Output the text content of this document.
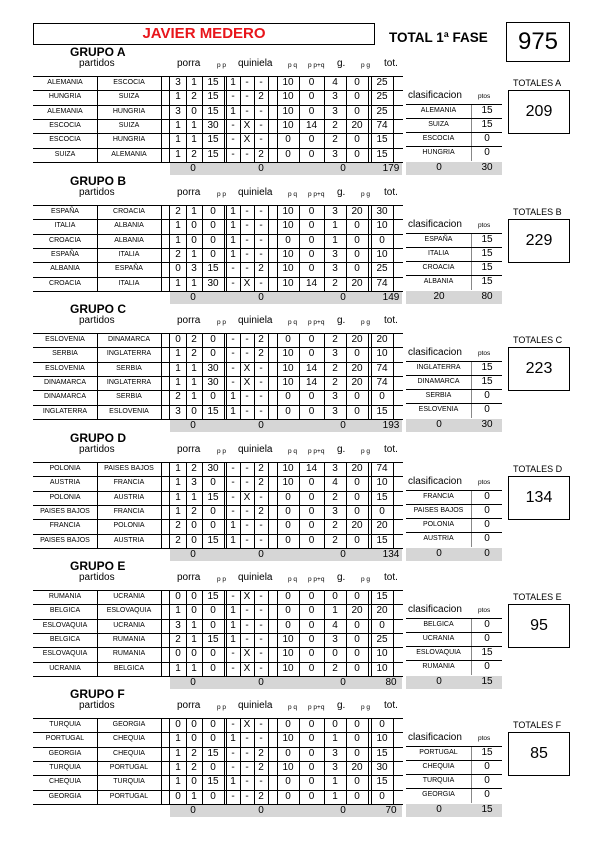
JAVIER MEDERO	TOTAL 1ª FASE	975
GRUPO A
partidos	porra	p p quiniela p q p p+q g. p g tot.
ALEMANIA	ESCOCIA	3	1	15	1 -	-	10	0	4	0	25
HUNGRIA	SUIZA	1	2	15	-	- 2	10	0	3	0	25
ALEMANIA	HUNGRIA	3	0	15	1 -	-	10	0	3	0	25
ESCOCIA	SUIZA	1	1	30	- X -	10	14	2	20	74
ESCOCIA	HUNGRIA	1	1	15	- X -	0	0	2	0	15
SUIZA	ALEMANIA	1	2	15	-	- 2	0	0	3	0	15
0	0	0	179
clasificacion ptos
ALEMANIA	15
SUIZA	15
ESCOCIA	0
HUNGRIA	0
0	30
TOTALES A
209
GRUPO B
partidos	porra	p p quiniela p q p p+q g. p g tot.
ESPAÑA	CROACIA	2	1	0	1 -	-	10	0	3	20	30
ITALIA	ALBANIA	1	0	0	1 -	-	10	0	1	0	10
CROACIA	ALBANIA	1	0	0	1 -	-	0	0	1	0	0
ESPAÑA	ITALIA	2	1	0	1 -	-	10	0	3	0	10
ALBANIA	ESPAÑA	0	3	15	-	- 2	10	0	3	0	25
CROACIA	ITALIA	1	1	30	- X -	10	14	2	20	74
0	0	0	149
clasificacion ptos
ESPAÑA	15
ITALIA	15
CROACIA	15
ALBANIA	15
20	80
TOTALES B
229
GRUPO C
partidos	porra	p p quiniela p q p p+q g. p g tot.
ESLOVENIA	DINAMARCA	0	2	0	-	- 2	0	0	2	20	20
SERBIA	INGLATERRA	1	2	0	-	- 2	10	0	3	0	10
ESLOVENIA	SERBIA	1	1	30	- X -	10	14	2	20	74
DINAMARCA	INGLATERRA	1	1	30	- X -	10	14	2	20	74
DINAMARCA	SERBIA	2	1	0	1 -	-	0	0	3	0	0
INGLATERRA	ESLOVENIA	3	0	15	1 -	-	0	0	3	0	15
0	0	0	193
clasificacion ptos
INGLATERRA	15
DINAMARCA	15
SERBIA	0
ESLOVENIA	0
0	30
TOTALES C
223
GRUPO D
partidos	porra	p p quiniela p q p p+q g. p g tot.
POLONIA	PAISES BAJOS	1	2	30	-	- 2	10	14	3	20	74
AUSTRIA	FRANCIA	1	3	0	-	- 2	10	0	4	0	10
POLONIA	AUSTRIA	1	1	15	- X -	0	0	2	0	15
PAISES BAJOS	FRANCIA	1	2	0	-	- 2	0	0	3	0	0
FRANCIA	POLONIA	2	0	0	1 -	-	0	0	2	20	20
PAISES BAJOS	AUSTRIA	2	0	15	1 -	-	0	0	2	0	15
0	0	0	134
clasificacion ptos
FRANCIA	0
PAISES BAJOS	0
POLONIA	0
AUSTRIA	0
0	0
TOTALES D
134
GRUPO E
partidos	porra	p p quiniela p q p p+q g. p g tot.
RUMANIA	UCRANIA	0	0	15	- X -	0	0	0	0	15
BELGICA	ESLOVAQUIA	1	0	0	1 -	-	0	0	1	20	20
ESLOVAQUIA	UCRANIA	3	1	0	1 -	-	0	0	4	0	0
BELGICA	RUMANIA	2	1	15	1 -	-	10	0	3	0	25
ESLOVAQUIA	RUMANIA	0	0	0	- X -	10	0	0	0	10
UCRANIA	BELGICA	1	1	0	- X -	10	0	2	0	10
0	0	0	80
clasificacion ptos
BELGICA	0
UCRANIA	0
ESLOVAQUIA	15
RUMANIA	0
0	15
TOTALES E
95
GRUPO F
partidos	porra	p p quiniela p q p p+q g. p g tot.
TURQUIA	GEORGIA	0	0	0	- X -	0	0	0	0	0
PORTUGAL	CHEQUIA	1	0	0	1 -	-	10	0	1	0	10
GEORGIA	CHEQUIA	1	2	15	-	- 2	0	0	3	0	15
TURQUIA	PORTUGAL	1	2	0	-	- 2	10	0	3	20	30
CHEQUIA	TURQUIA	1	0	15	1 -	-	0	0	1	0	15
GEORGIA	PORTUGAL	0	1	0	-	- 2	0	0	1	0	0
0	0	0	70
clasificacion ptos
PORTUGAL	15
CHEQUIA	0
TURQUIA	0
GEORGIA	0
0	15
TOTALES F
85
